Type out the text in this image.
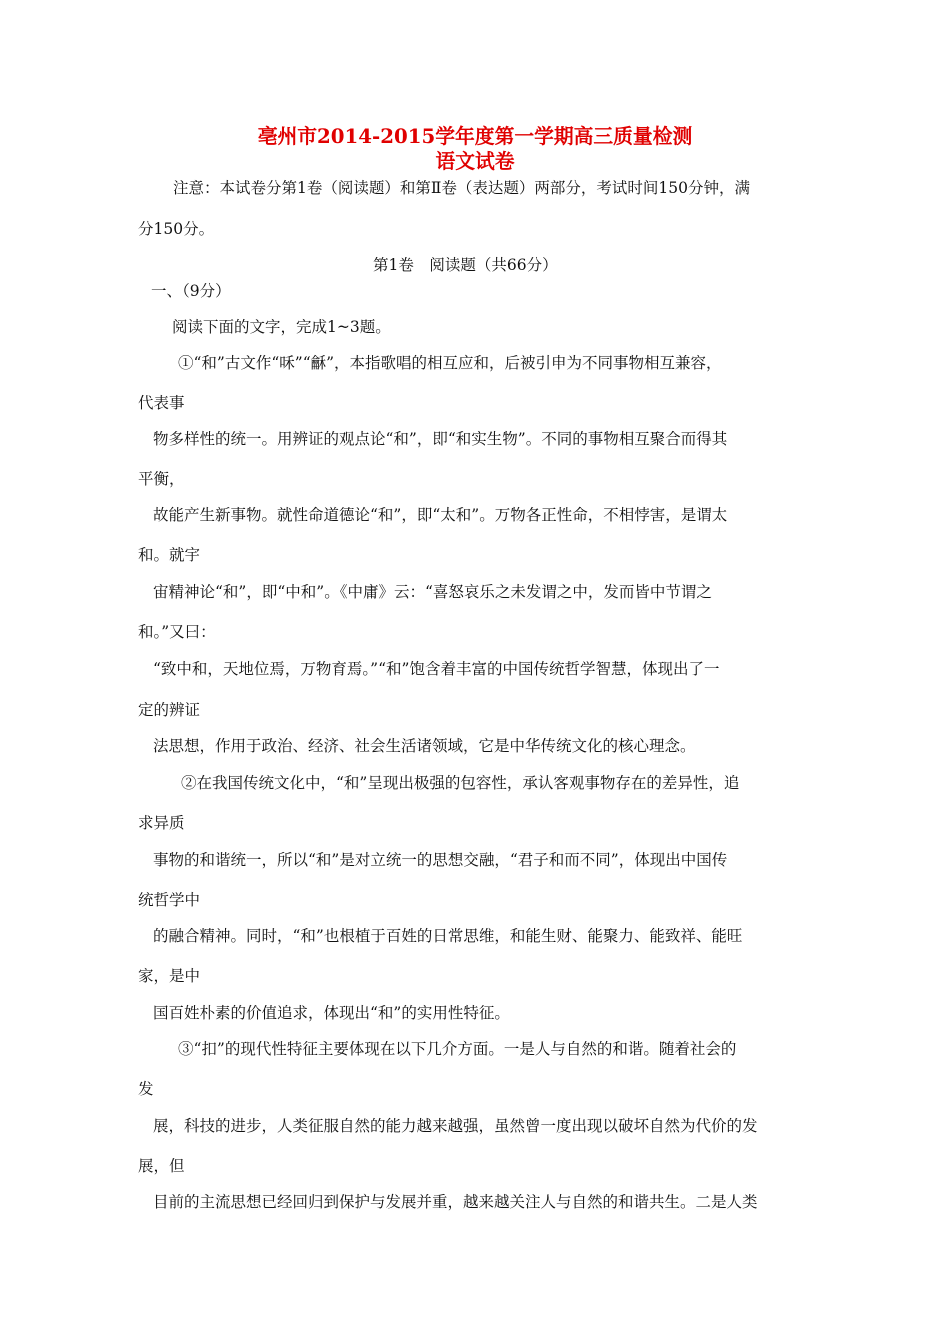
亳州市2014-2015学年度第一学期高三质量检测
语文试卷
注意：本试卷分第1卷（阅读题）和第Ⅱ卷（表达题）两部分，考试时间150分钟，满
分150分。
第1卷　阅读题（共66分）
一、（9分）
阅读下面的文字，完成1~3题。
①“和”古文作“咊”“龢”，本指歌唱的相互应和，后被引申为不同事物相互兼容，
代表事
物多样性的统一。用辨证的观点论“和”，即“和实生物”。不同的事物相互聚合而得其
平衡，
故能产生新事物。就性命道德论“和”，即“太和”。万物各正性命，不相悖害，是谓太
和。就宇
宙精神论“和”，即“中和”。《中庸》云：“喜怒哀乐之未发谓之中，发而皆中节谓之
和。”又曰：
“致中和，天地位焉，万物育焉。”“和”饱含着丰富的中国传统哲学智慧，体现出了一
定的辨证
法思想，作用于政治、经济、社会生活诸领域，它是中华传统文化的核心理念。
②在我国传统文化中，“和”呈现出极强的包容性，承认客观事物存在的差异性，追
求异质
事物的和谐统一，所以“和”是对立统一的思想交融，“君子和而不同”，体现出中国传
统哲学中
的融合精神。同时，“和”也根植于百姓的日常思维，和能生财、能聚力、能致祥、能旺
家，是中
国百姓朴素的价值追求，体现出“和”的实用性特征。
③“扣”的现代性特征主要体现在以下几介方面。一是人与自然的和谐。随着社会的
发
展，科技的进步，人类征服自然的能力越来越强，虽然曾一度出现以破坏自然为代价的发
展，但
目前的主流思想已经回归到保护与发展并重，越来越关注人与自然的和谐共生。二是人类
